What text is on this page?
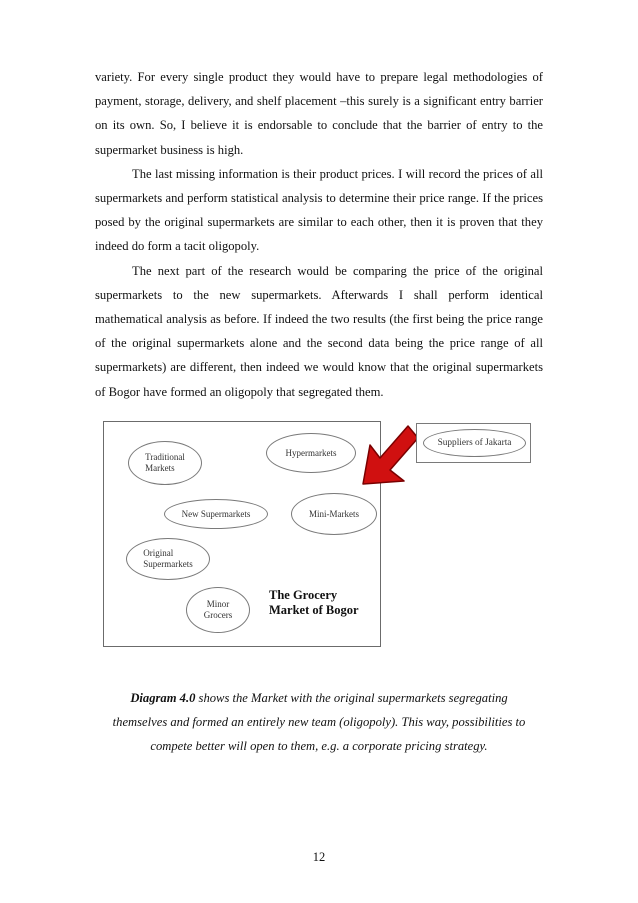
variety. For every single product they would have to prepare legal methodologies of payment, storage, delivery, and shelf placement –this surely is a significant entry barrier on its own. So, I believe it is endorsable to conclude that the barrier of entry to the supermarket business is high.

The last missing information is their product prices. I will record the prices of all supermarkets and perform statistical analysis to determine their price range. If the prices posed by the original supermarkets are similar to each other, then it is proven that they indeed do form a tacit oligopoly.

The next part of the research would be comparing the price of the original supermarkets to the new supermarkets. Afterwards I shall perform identical mathematical analysis as before. If indeed the two results (the first being the price range of the original supermarkets alone and the second data being the price range of all supermarkets) are different, then indeed we would know that the original supermarkets of Bogor have formed an oligopoly that segregated them.

Traditional
Markets
Hypermarkets
New Supermarkets	Mini-Markets
Original
Supermarkets
Minor
Grocers
The Grocery
Market of Bogor
Suppliers of Jakarta
Diagram 4.0 shows the Market with the original supermarkets segregating
themselves and formed an entirely new team (oligopoly). This way, possibilities to
compete better will open to them, e.g. a corporate pricing strategy.
12
